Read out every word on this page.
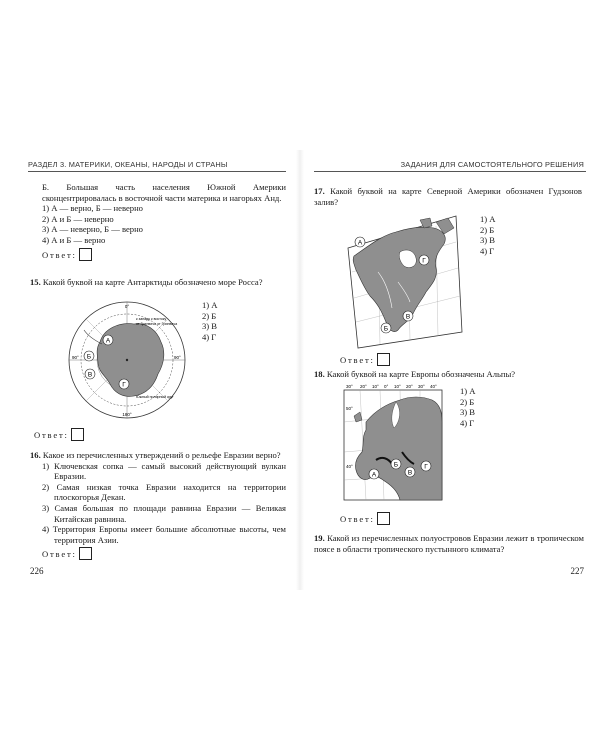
РАЗДЕЛ 3. МАТЕРИКИ, ОКЕАНЫ, НАРОДЫ И СТРАНЫ

Б. Большая часть населения Южной Америки сконцентрировалась в восточной части материка и нагорьях Анд.

1) А — верно, Б — неверно

2) А и Б — неверно

3) А — неверно, Б — верно

4) А и Б — верно

Ответ:

15. Какой буквой на карте Антарктиды обозначено море Росса?

1) А

2) Б

3) В

4) Г

А
Б
В
Г
0°
90°	90°
180°
к западу к востоку
от Гринвича от Гринвича
Южный полярный круг
Ответ:

16. Какое из перечисленных утверждений о рельефе Евразии верно?

1) Ключевская сопка — самый высокий действующий вулкан Евразии.

2) Самая низкая точка Евразии находится на территории плоскогорья Декан.

3) Самая большая по площади равнина Евразии — Великая Китайская равнина.

4) Территория Европы имеет большие абсолютные высоты, чем территория Азии.

Ответ:
226
ЗАДАНИЯ ДЛЯ САМОСТОЯТЕЛЬНОГО РЕШЕНИЯ

17. Какой буквой на карте Северной Америки обозначен Гудзонов залив?

А
Б
В
Г

1) А

2) Б

3) В

4) Г

Ответ:

18. Какой буквой на карте Европы обозначены Альпы?

А
Б
В
Г
30° 20° 10° 0° 10° 20° 30° 40°
50°
40°

1) А

2) Б

3) В

4) Г

Ответ:

19. Какой из перечисленных полуостровов Евразии лежит в тропическом поясе в области тропического пустынного климата?

227
